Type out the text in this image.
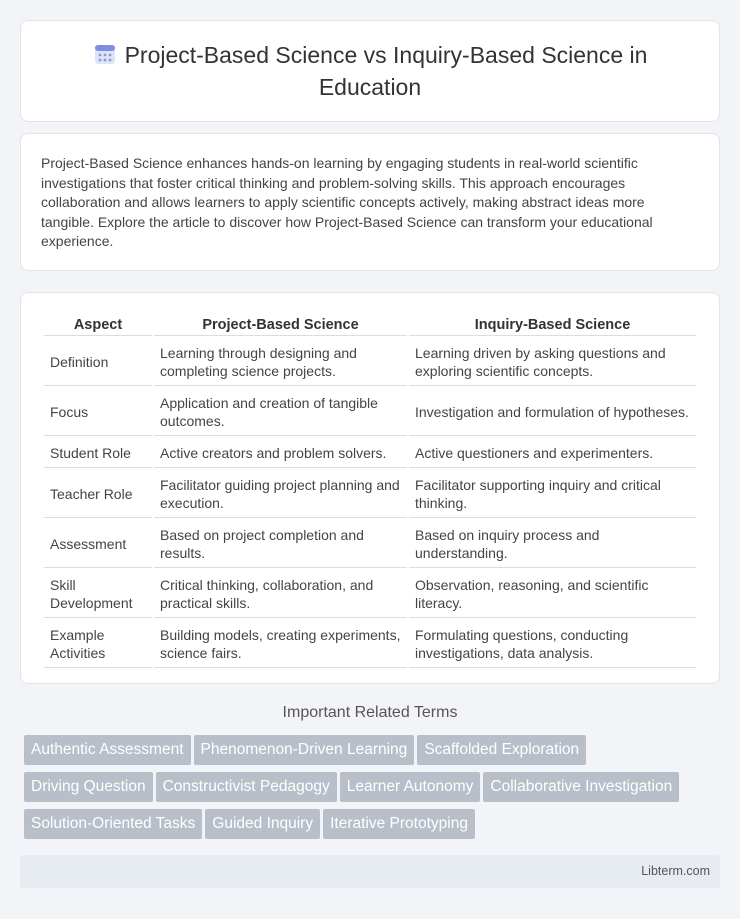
Project-Based Science vs Inquiry-Based Science in Education

Project-Based Science enhances hands-on learning by engaging students in real-world scientific investigations that foster critical thinking and problem-solving skills. This approach encourages collaboration and allows learners to apply scientific concepts actively, making abstract ideas more tangible. Explore the article to discover how Project-Based Science can transform your educational experience.

Aspect	Project-Based Science	Inquiry-Based Science
Definition	Learning through designing and completing science projects.	Learning driven by asking questions and exploring scientific concepts.
Focus	Application and creation of tangible outcomes.	Investigation and formulation of hypotheses.
Student Role	Active creators and problem solvers.	Active questioners and experimenters.
Teacher Role	Facilitator guiding project planning and execution.	Facilitator supporting inquiry and critical thinking.
Assessment	Based on project completion and results.	Based on inquiry process and understanding.
Skill Development	Critical thinking, collaboration, and practical skills.	Observation, reasoning, and scientific literacy.
Example Activities	Building models, creating experiments, science fairs.	Formulating questions, conducting investigations, data analysis.
Important Related Terms
Authentic Assessment Phenomenon-Driven Learning Scaffolded ExplorationDriving Question Constructivist Pedagogy Learner Autonomy Collaborative InvestigationSolution-Oriented Tasks Guided Inquiry Iterative Prototyping
Libterm.com
